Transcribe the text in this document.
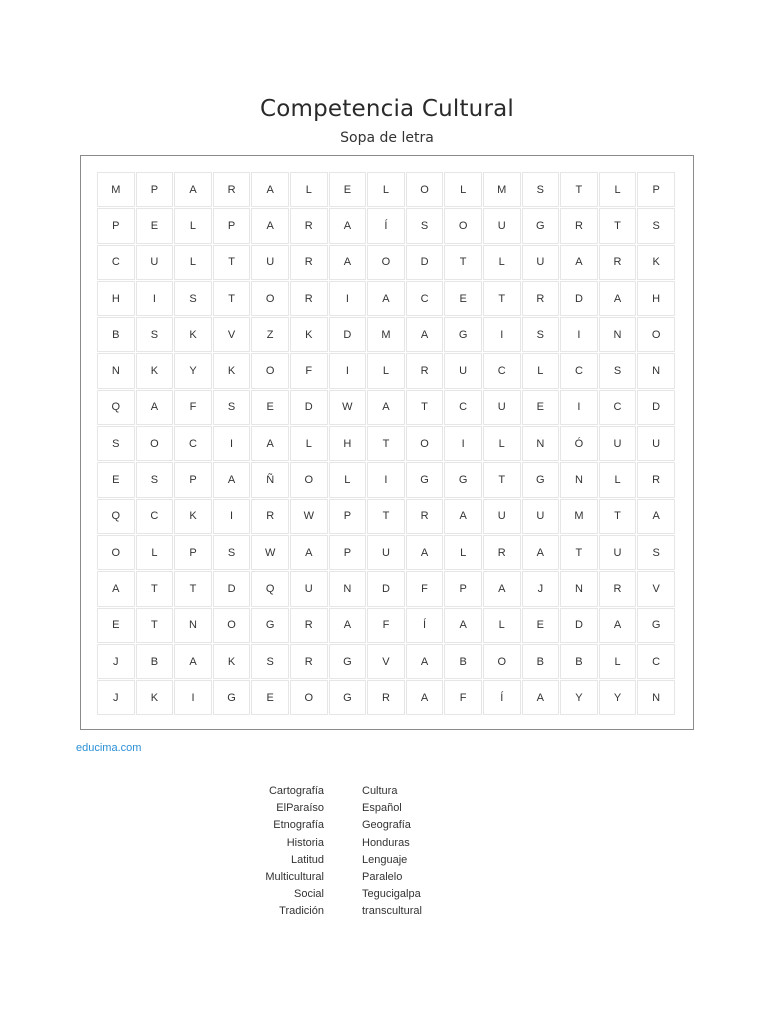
Competencia Cultural
Sopa de letra
M	P	A	R	A	L	E	L	O	L	M	S	T	L	P
P	E	L	P	A	R	A	Í	S	O	U	G	R	T	S
C	U	L	T	U	R	A	O	D	T	L	U	A	R	K
H	I	S	T	O	R	I	A	C	E	T	R	D	A	H
B	S	K	V	Z	K	D	M	A	G	I	S	I	N	O
N	K	Y	K	O	F	I	L	R	U	C	L	C	S	N
Q	A	F	S	E	D	W	A	T	C	U	E	I	C	D
S	O	C	I	A	L	H	T	O	I	L	N	Ó	U	U
E	S	P	A	Ñ	O	L	I	G	G	T	G	N	L	R
Q	C	K	I	R	W	P	T	R	A	U	U	M	T	A
O	L	P	S	W	A	P	U	A	L	R	A	T	U	S
A	T	T	D	Q	U	N	D	F	P	A	J	N	R	V
E	T	N	O	G	R	A	F	Í	A	L	E	D	A	G
J	B	A	K	S	R	G	V	A	B	O	B	B	L	C
J	K	I	G	E	O	G	R	A	F	Í	A	Y	Y	N
educima.com
Cartografía
ElParaíso
Etnografía
Historia
Latitud
Multicultural
Social
Tradición
Cultura
Español
Geografía
Honduras
Lenguaje
Paralelo
Tegucigalpa
transcultural
